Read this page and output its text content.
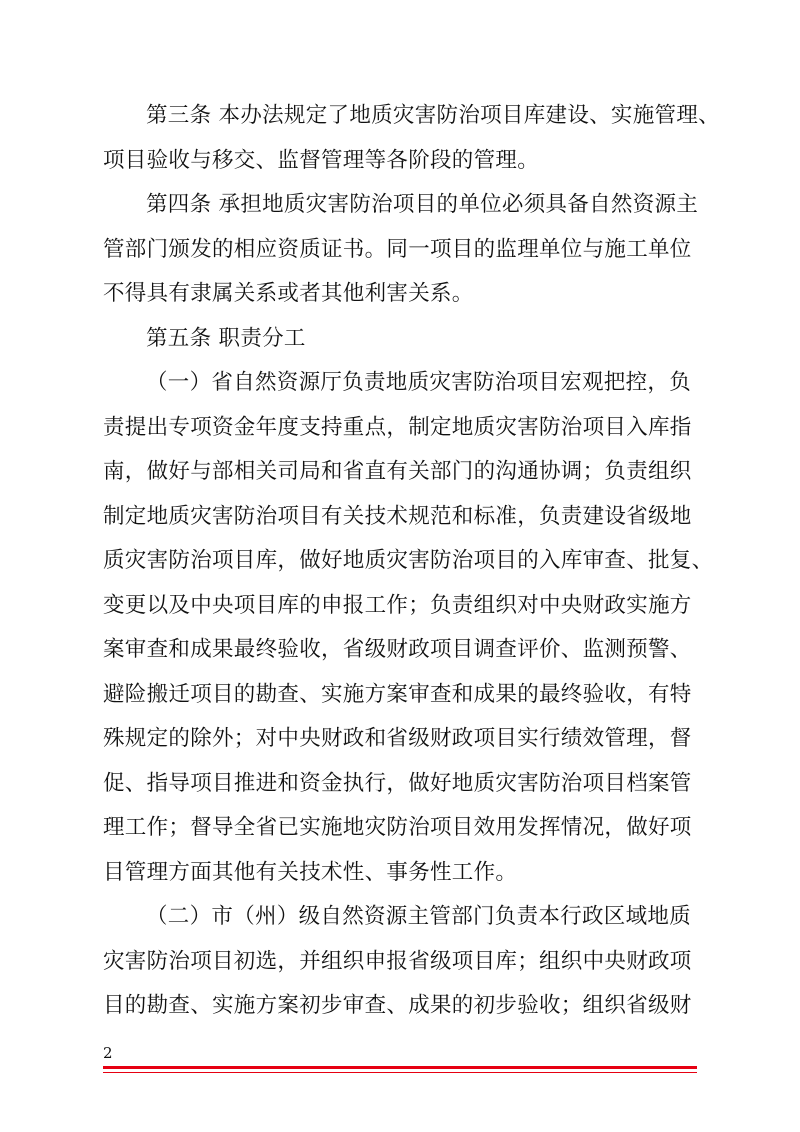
第三条 本办法规定了地质灾害防治项目库建设、实施管理、
项目验收与移交、监督管理等各阶段的管理。
第四条 承担地质灾害防治项目的单位必须具备自然资源主
管部门颁发的相应资质证书。同一项目的监理单位与施工单位
不得具有隶属关系或者其他利害关系。
第五条 职责分工
（一）省自然资源厅负责地质灾害防治项目宏观把控，负
责提出专项资金年度支持重点，制定地质灾害防治项目入库指
南，做好与部相关司局和省直有关部门的沟通协调；负责组织
制定地质灾害防治项目有关技术规范和标准，负责建设省级地
质灾害防治项目库，做好地质灾害防治项目的入库审查、批复、
变更以及中央项目库的申报工作；负责组织对中央财政实施方
案审查和成果最终验收，省级财政项目调查评价、监测预警、
避险搬迁项目的勘查、实施方案审查和成果的最终验收，有特
殊规定的除外；对中央财政和省级财政项目实行绩效管理，督
促、指导项目推进和资金执行，做好地质灾害防治项目档案管
理工作；督导全省已实施地灾防治项目效用发挥情况，做好项
目管理方面其他有关技术性、事务性工作。
（二）市（州）级自然资源主管部门负责本行政区域地质
灾害防治项目初选，并组织申报省级项目库；组织中央财政项
目的勘查、实施方案初步审查、成果的初步验收；组织省级财
2
